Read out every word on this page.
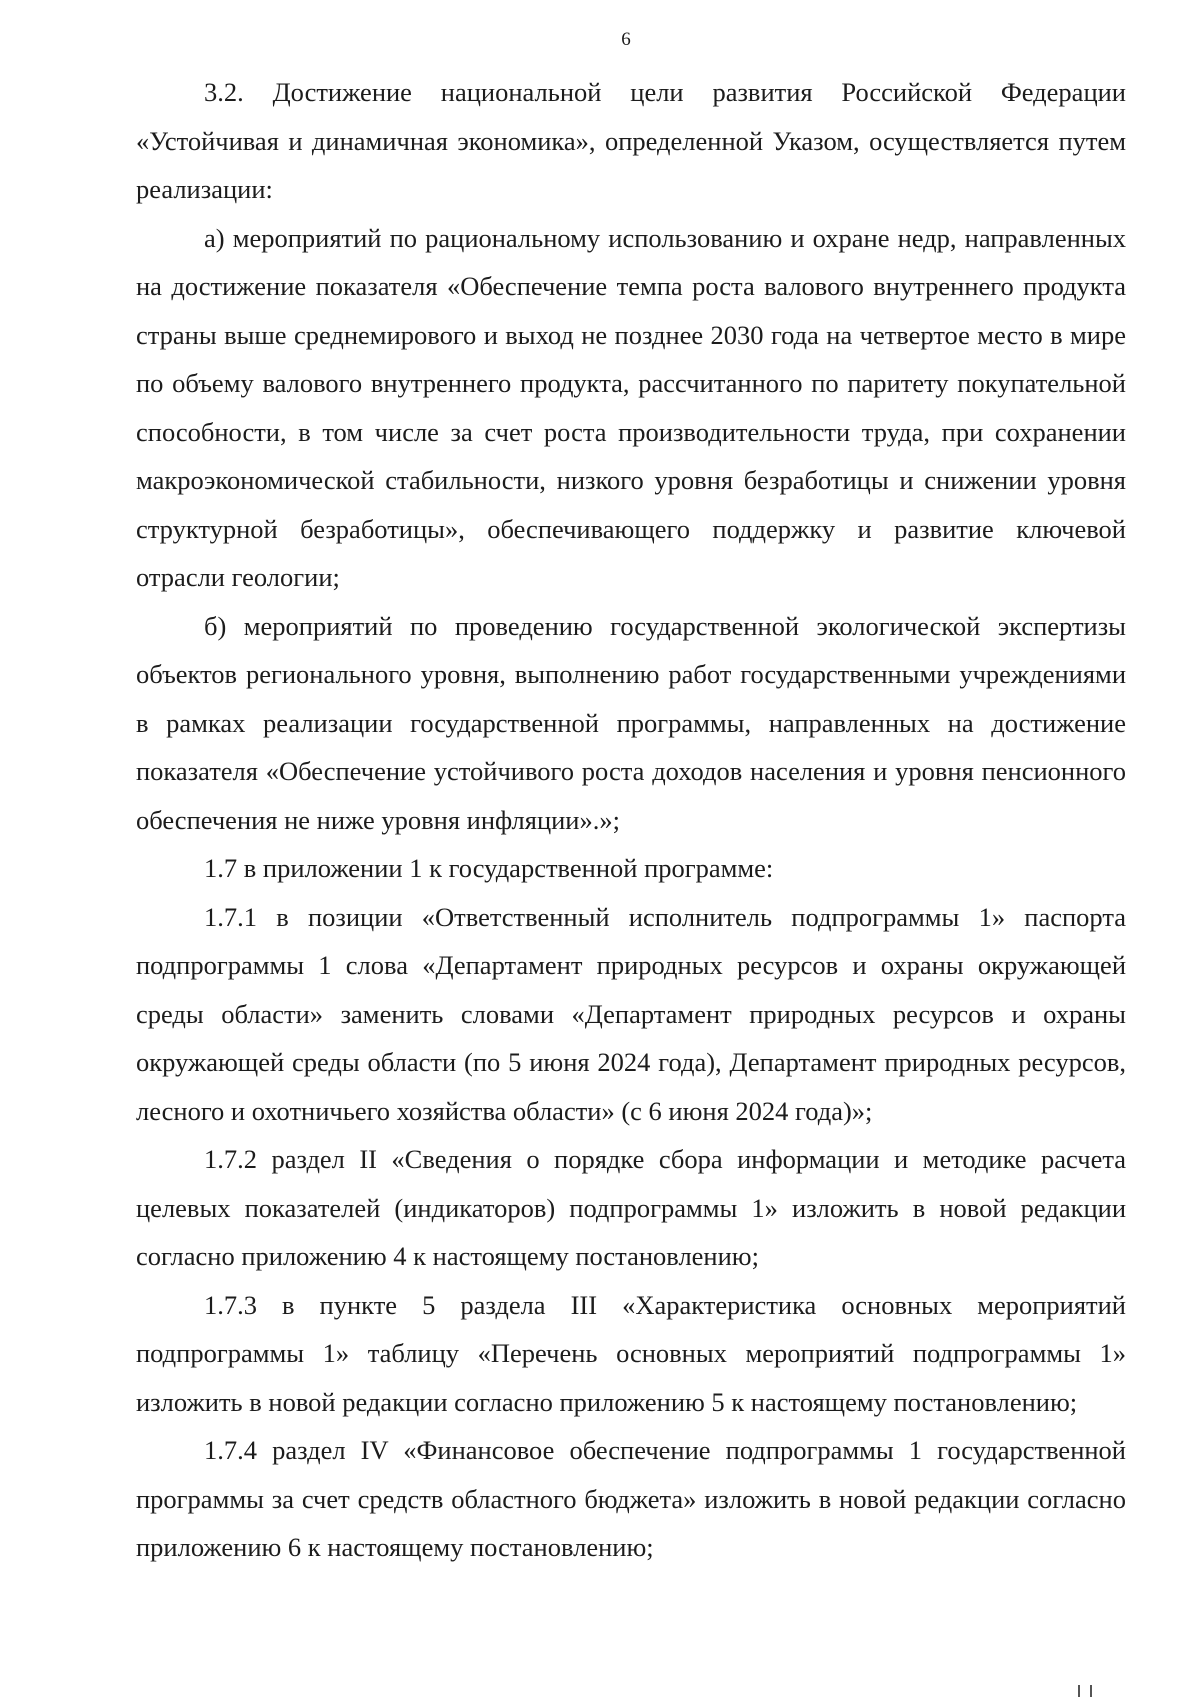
6

3.2. Достижение национальной цели развития Российской Федерации «Устойчивая и динамичная экономика», определенной Указом, осуществляется путем реализации:

а) мероприятий по рациональному использованию и охране недр, направленных на достижение показателя «Обеспечение темпа роста валового внутреннего продукта страны выше среднемирового и выход не позднее 2030 года на четвертое место в мире по объему валового внутреннего продукта, рассчитанного по паритету покупательной способности, в том числе за счет роста производительности труда, при сохранении макроэкономической стабильности, низкого уровня безработицы и снижении уровня структурной безработицы», обеспечивающего поддержку и развитие ключевой отрасли геологии;

б) мероприятий по проведению государственной экологической экспертизы объектов регионального уровня, выполнению работ государственными учреждениями в рамках реализации государственной программы, направленных на достижение показателя «Обеспечение устойчивого роста доходов населения и уровня пенсионного обеспечения не ниже уровня инфляции».»;

1.7 в приложении 1 к государственной программе:

1.7.1 в позиции «Ответственный исполнитель подпрограммы 1» паспорта подпрограммы 1 слова «Департамент природных ресурсов и охраны окружающей среды области» заменить словами «Департамент природных ресурсов и охраны окружающей среды области (по 5 июня 2024 года), Департамент природных ресурсов, лесного и охотничьего хозяйства области» (с 6 июня 2024 года)»;

1.7.2 раздел II «Сведения о порядке сбора информации и методике расчета целевых показателей (индикаторов) подпрограммы 1» изложить в новой редакции согласно приложению 4 к настоящему постановлению;

1.7.3 в пункте 5 раздела III «Характеристика основных мероприятий подпрограммы 1» таблицу «Перечень основных мероприятий подпрограммы 1» изложить в новой редакции согласно приложению 5 к настоящему постановлению;

1.7.4 раздел IV «Финансовое обеспечение подпрограммы 1 государственной программы за счет средств областного бюджета» изложить в новой редакции согласно приложению 6 к настоящему постановлению;
